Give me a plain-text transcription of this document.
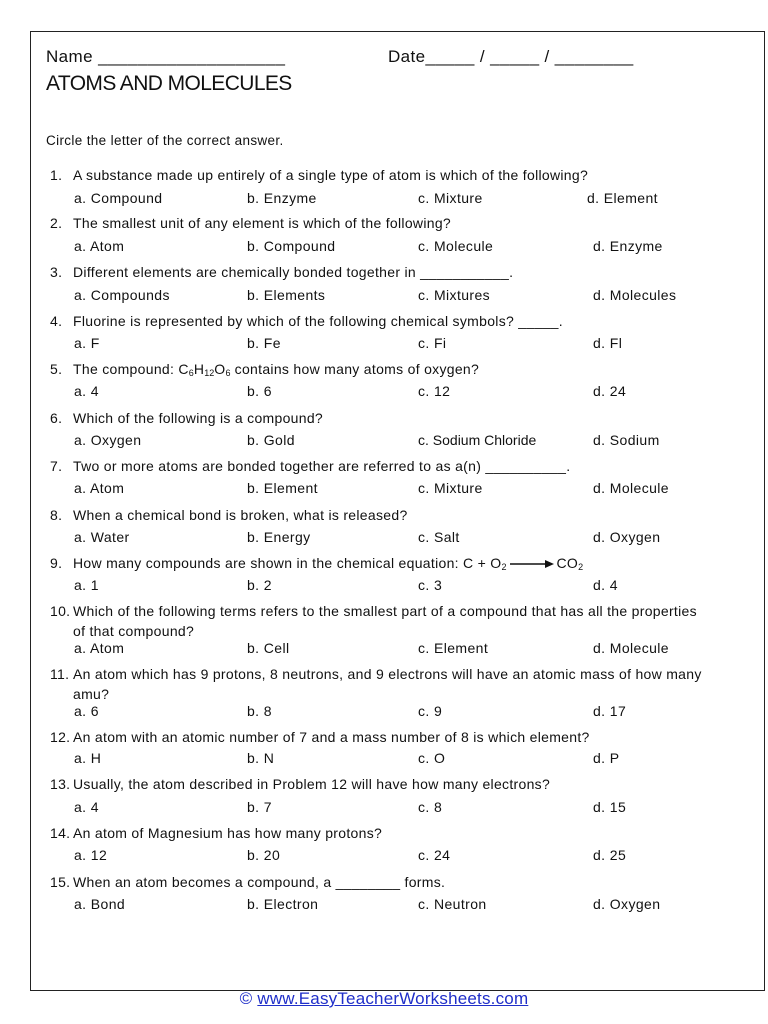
Name ___________________	Date_____ / _____ / ________
ATOMS AND MOLECULES
Circle the letter of the correct answer.
1. A substance made up entirely of a single type of atom is which of the following?
a. Compound	b. Enzyme	c. Mixture	d. Element
2. The smallest unit of any element is which of the following?
a. Atom	b. Compound	c. Molecule	d. Enzyme
3. Different elements are chemically bonded together in ___________.
a. Compounds	b. Elements	c. Mixtures	d. Molecules
4. Fluorine is represented by which of the following chemical symbols? _____.
a. F	b. Fe	c. Fi	d. Fl
5. The compound: $C_6H_{12}O_6$ contains how many atoms of oxygen?
a. 4	b. 6	c. 12	d. 24
6. Which of the following is a compound?
a. Oxygen	b. Gold	c. Sodium Chloride	d. Sodium
7. Two or more atoms are bonded together are referred to as a(n) __________.
a. Atom	b. Element	c. Mixture	d. Molecule
8. When a chemical bond is broken, what is released?
a. Water	b. Energy	c. Salt	d. Oxygen
9. How many compounds are shown in the chemical equation: $C + O_2 \to CO_2$
a. 1	b. 2	c. 3	d. 4
10. Which of the following terms refers to the smallest part of a compound that has all the properties of that compound?
a. Atom	b. Cell	c. Element	d. Molecule
11. An atom which has 9 protons, 8 neutrons, and 9 electrons will have an atomic mass of how many amu?
a. 6	b. 8	c. 9	d. 17
12. An atom with an atomic number of 7 and a mass number of 8 is which element?
a. H	b. N	c. O	d. P
13. Usually, the atom described in Problem 12 will have how many electrons?
a. 4	b. 7	c. 8	d. 15
14. An atom of Magnesium has how many protons?
a. 12	b. 20	c. 24	d. 25
15. When an atom becomes a compound, a ________ forms.
a. Bond	b. Electron	c. Neutron	d. Oxygen
© www.EasyTeacherWorksheets.com
